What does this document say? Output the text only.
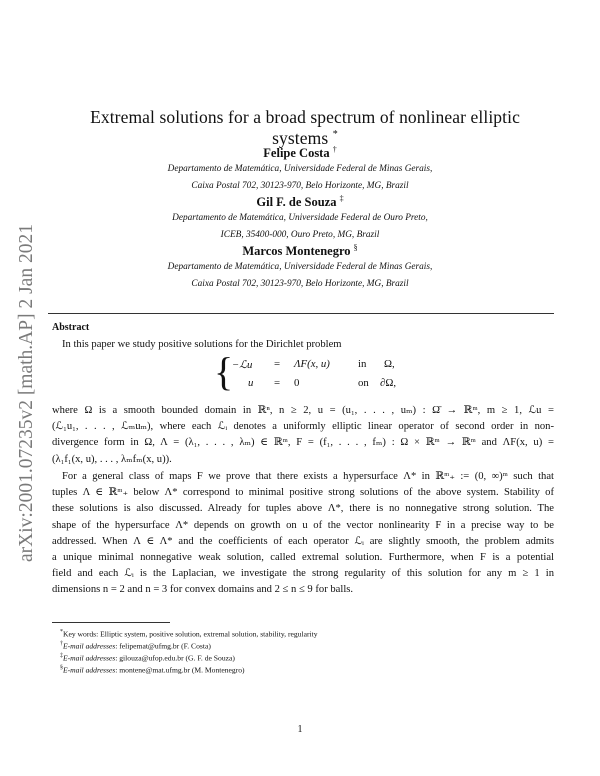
arXiv:2001.07235v2 [math.AP] 2 Jan 2021
Extremal solutions for a broad spectrum of nonlinear elliptic systems *
Felipe Costa †
Departamento de Matemática, Universidade Federal de Minas Gerais,
Caixa Postal 702, 30123-970, Belo Horizonte, MG, Brazil
Gil F. de Souza ‡
Departamento de Matemática, Universidade Federal de Ouro Preto,
ICEB, 35400-000, Ouro Preto, MG, Brazil
Marcos Montenegro §
Departamento de Matemática, Universidade Federal de Minas Gerais,
Caixa Postal 702, 30123-970, Belo Horizonte, MG, Brazil
Abstract

In this paper we study positive solutions for the Dirichlet problem

{
−ℒu = ΛF(x, u)	in Ω,
u = 0	on ∂Ω,

where Ω is a smooth bounded domain in ℝⁿ, n ≥ 2, u = (u₁, . . . , uₘ) : Ω̄ → ℝᵐ, m ≥ 1, ℒu =
(ℒ₁u₁, . . . , ℒₘuₘ), where each ℒᵢ denotes a uniformly elliptic linear operator of second order in non-
divergence form in Ω, Λ = (λ₁, . . . , λₘ) ∈ ℝᵐ, F = (f₁, . . . , fₘ) : Ω × ℝᵐ → ℝᵐ and ΛF(x, u) =
(λ₁f₁(x, u), . . . , λₘfₘ(x, u)).

For a general class of maps F we prove that there exists a hypersurface Λ* in ℝᵐ₊ := (0, ∞)ᵐ such that
tuples Λ ∈ ℝᵐ₊ below Λ* correspond to minimal positive strong solutions of the above system. Stability of
these solutions is also discussed. Already for tuples above Λ*, there is no nonnegative strong solution. The
shape of the hypersurface Λ* depends on growth on u of the vector nonlinearity F in a precise way to be
addressed. When Λ ∈ Λ* and the coefficients of each operator ℒᵢ are slightly smooth, the problem admits
a unique minimal nonnegative weak solution, called extremal solution. Furthermore, when F is a potential
field and each ℒᵢ is the Laplacian, we investigate the strong regularity of this solution for any m ≥ 1 in
dimensions n = 2 and n = 3 for convex domains and 2 ≤ n ≤ 9 for balls.

*Key words: Elliptic system, positive solution, extremal solution, stability, regularity
†E-mail addresses: felipemat@ufmg.br (F. Costa)
‡E-mail addresses: gilouza@ufop.edu.br (G. F. de Souza)
§E-mail addresses: montene@mat.ufmg.br (M. Montenegro)
1
